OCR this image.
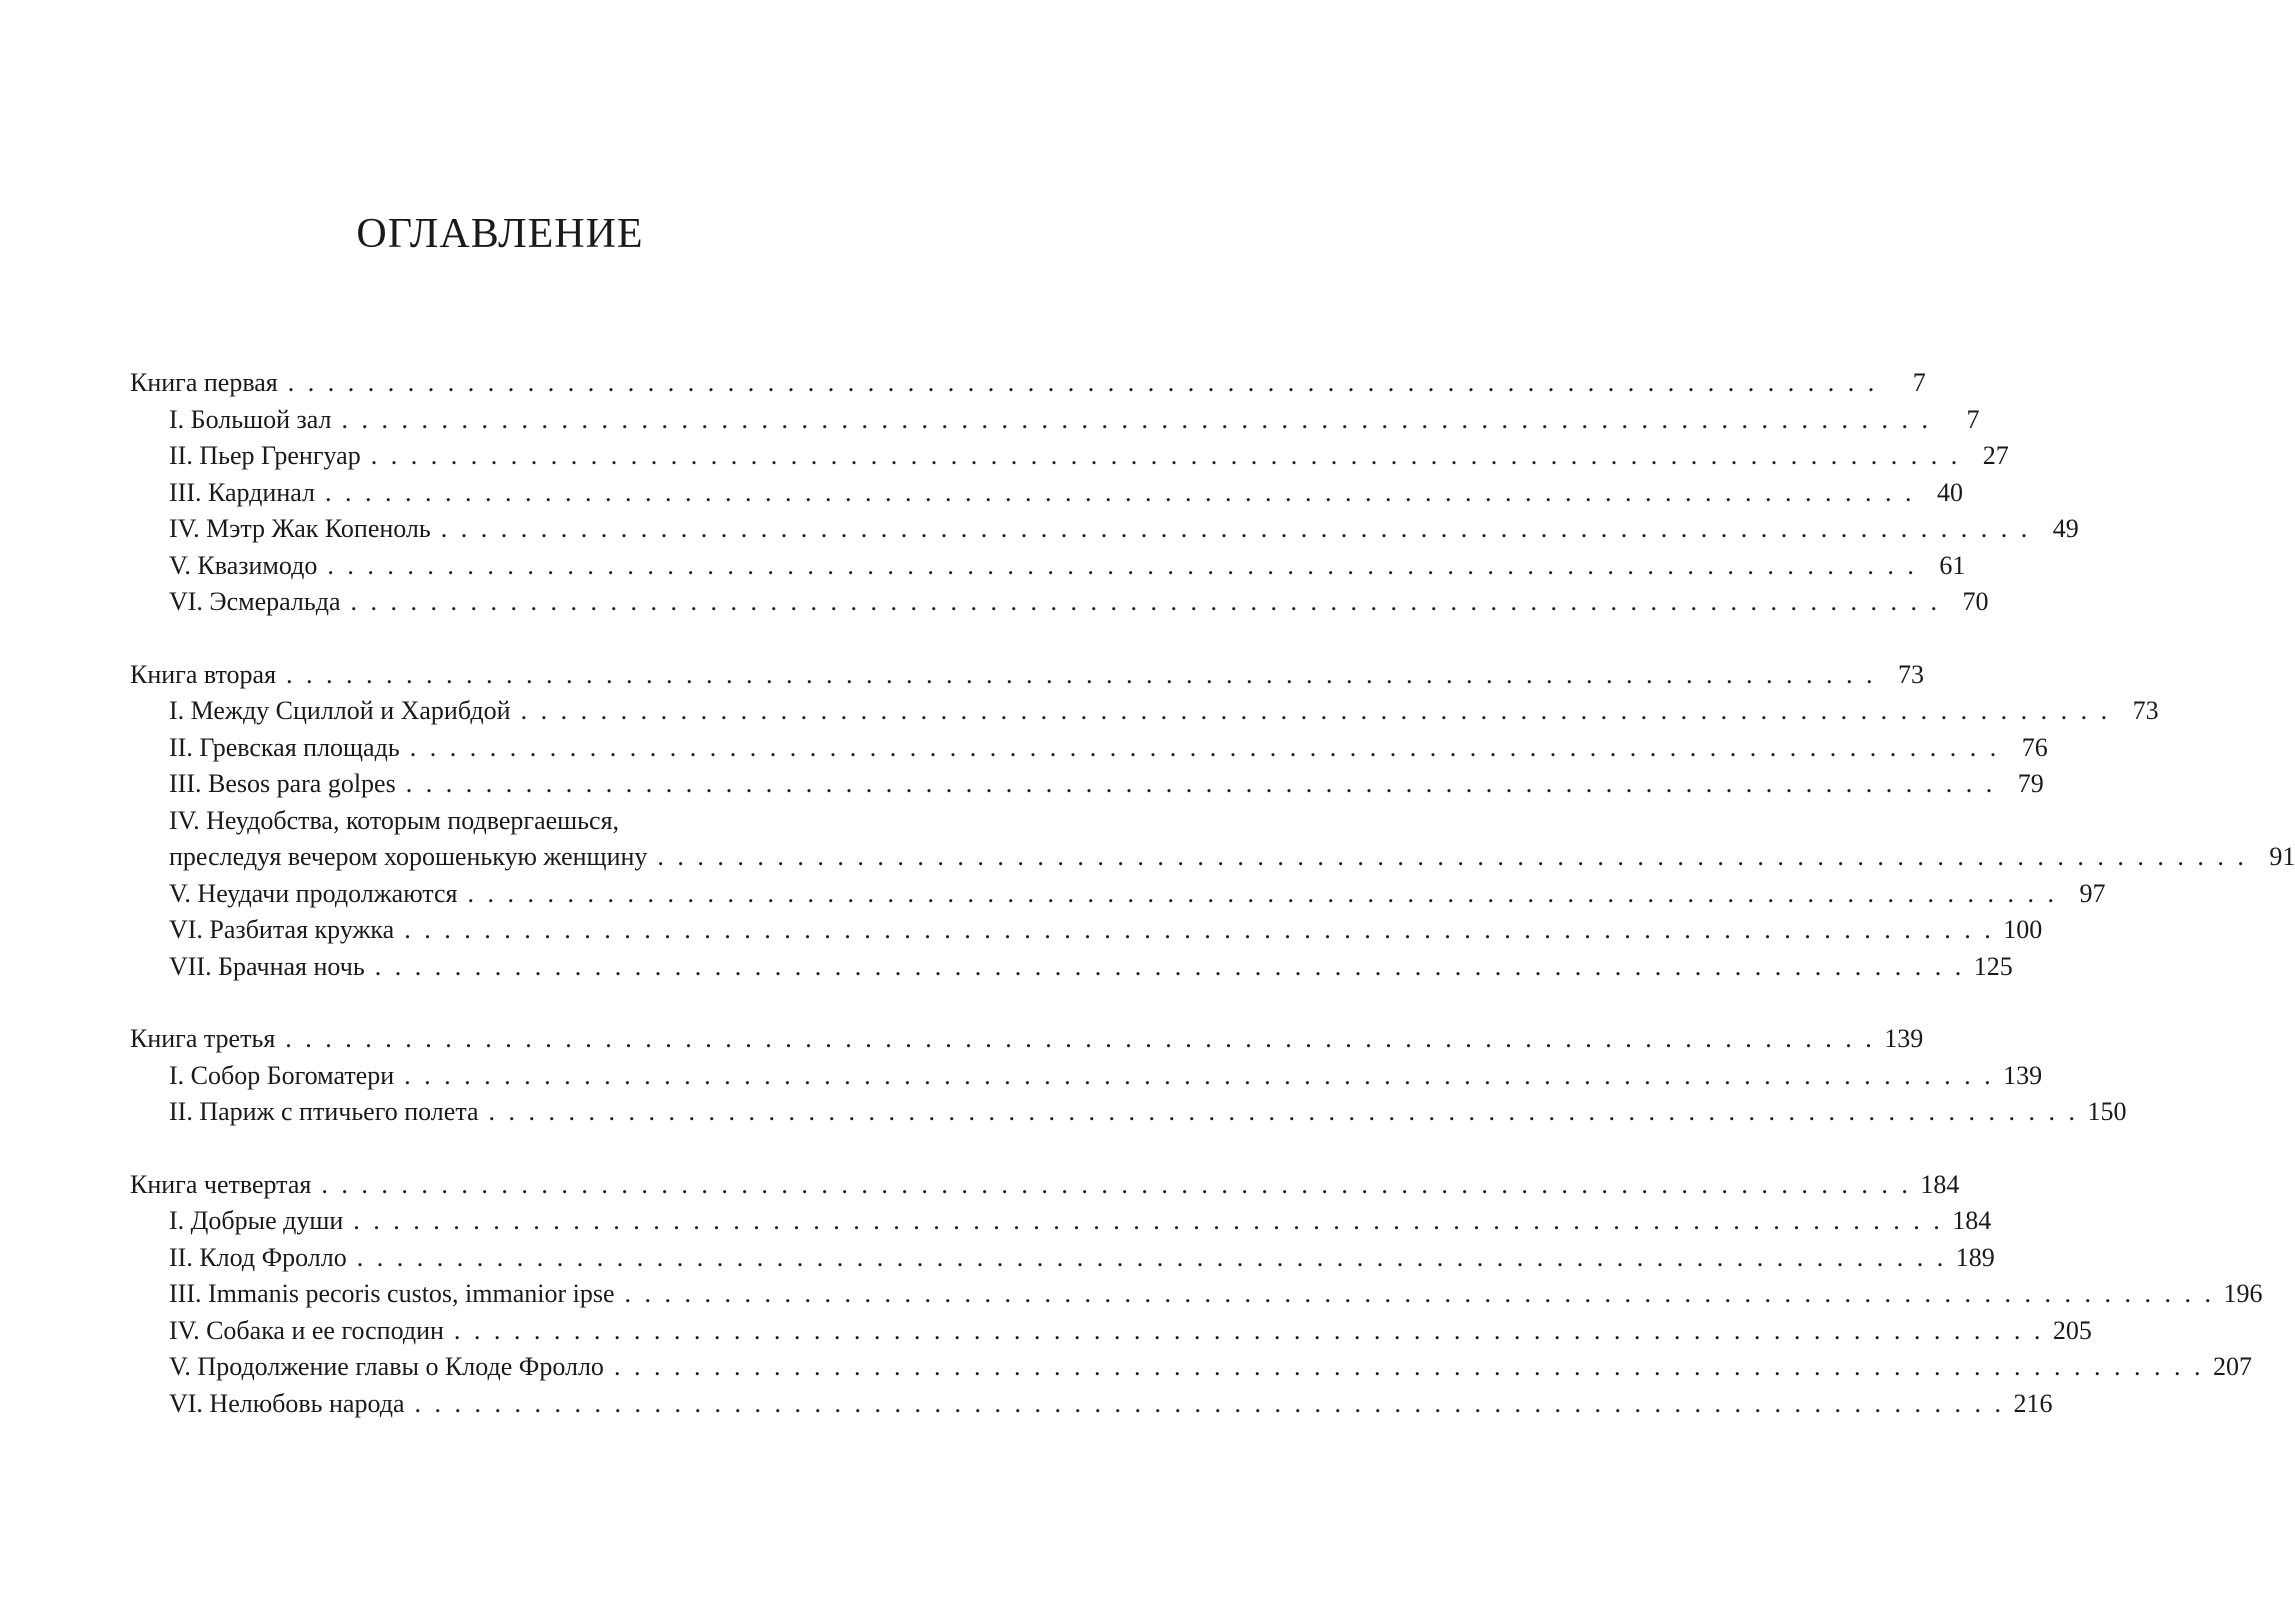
ОГЛАВЛЕНИЕ
Книга первая . . . . . . . . . . . . . . . . . . . . . . . . . . . . . . . . . . . . . . . . . . . . . . . . . . . . . . . . . . . . . . . . . . . . . . . . . . . . . . . .	7
I. Большой зал . . . . . . . . . . . . . . . . . . . . . . . . . . . . . . . . . . . . . . . . . . . . . . . . . . . . . . . . . . . . . . . . . . . . . . . . . . . . . . . .	7
II. Пьер Гренгуар . . . . . . . . . . . . . . . . . . . . . . . . . . . . . . . . . . . . . . . . . . . . . . . . . . . . . . . . . . . . . . . . . . . . . . . . . . . . . . . . 27
III. Кардинал . . . . . . . . . . . . . . . . . . . . . . . . . . . . . . . . . . . . . . . . . . . . . . . . . . . . . . . . . . . . . . . . . . . . . . . . . . . . . . . . 40
IV. Мэтр Жак Копеноль . . . . . . . . . . . . . . . . . . . . . . . . . . . . . . . . . . . . . . . . . . . . . . . . . . . . . . . . . . . . . . . . . . . . . . . . . . . . . . . . 49
V. Квазимодо . . . . . . . . . . . . . . . . . . . . . . . . . . . . . . . . . . . . . . . . . . . . . . . . . . . . . . . . . . . . . . . . . . . . . . . . . . . . . . . . 61
VI. Эсмеральда . . . . . . . . . . . . . . . . . . . . . . . . . . . . . . . . . . . . . . . . . . . . . . . . . . . . . . . . . . . . . . . . . . . . . . . . . . . . . . . . 70
Книга вторая . . . . . . . . . . . . . . . . . . . . . . . . . . . . . . . . . . . . . . . . . . . . . . . . . . . . . . . . . . . . . . . . . . . . . . . . . . . . . . . . 73
I. Между Сциллой и Харибдой . . . . . . . . . . . . . . . . . . . . . . . . . . . . . . . . . . . . . . . . . . . . . . . . . . . . . . . . . . . . . . . . . . . . . . . . . . . . . . . . 73
II. Гревская площадь . . . . . . . . . . . . . . . . . . . . . . . . . . . . . . . . . . . . . . . . . . . . . . . . . . . . . . . . . . . . . . . . . . . . . . . . . . . . . . . . 76
III. Besos para golpes . . . . . . . . . . . . . . . . . . . . . . . . . . . . . . . . . . . . . . . . . . . . . . . . . . . . . . . . . . . . . . . . . . . . . . . . . . . . . . . . 79
IV. Неудобства, которым подвергаешься,
преследуя вечером хорошенькую женщину . . . . . . . . . . . . . . . . . . . . . . . . . . . . . . . . . . . . . . . . . . . . . . . . . . . . . . . . . . . . . . . . . . . . . . . . . . . . . . . . 91
V. Неудачи продолжаются . . . . . . . . . . . . . . . . . . . . . . . . . . . . . . . . . . . . . . . . . . . . . . . . . . . . . . . . . . . . . . . . . . . . . . . . . . . . . . . . 97
VI. Разбитая кружка . . . . . . . . . . . . . . . . . . . . . . . . . . . . . . . . . . . . . . . . . . . . . . . . . . . . . . . . . . . . . . . . . . . . . . . . . . . . . . . . 100
VII. Брачная ночь . . . . . . . . . . . . . . . . . . . . . . . . . . . . . . . . . . . . . . . . . . . . . . . . . . . . . . . . . . . . . . . . . . . . . . . . . . . . . . . . 125
Книга третья . . . . . . . . . . . . . . . . . . . . . . . . . . . . . . . . . . . . . . . . . . . . . . . . . . . . . . . . . . . . . . . . . . . . . . . . . . . . . . . . 139
I. Собор Богоматери . . . . . . . . . . . . . . . . . . . . . . . . . . . . . . . . . . . . . . . . . . . . . . . . . . . . . . . . . . . . . . . . . . . . . . . . . . . . . . . . 139
II. Париж с птичьего полета . . . . . . . . . . . . . . . . . . . . . . . . . . . . . . . . . . . . . . . . . . . . . . . . . . . . . . . . . . . . . . . . . . . . . . . . . . . . . . . . 150
Книга четвертая . . . . . . . . . . . . . . . . . . . . . . . . . . . . . . . . . . . . . . . . . . . . . . . . . . . . . . . . . . . . . . . . . . . . . . . . . . . . . . . . 184
I. Добрые души . . . . . . . . . . . . . . . . . . . . . . . . . . . . . . . . . . . . . . . . . . . . . . . . . . . . . . . . . . . . . . . . . . . . . . . . . . . . . . . . 184
II. Клод Фролло . . . . . . . . . . . . . . . . . . . . . . . . . . . . . . . . . . . . . . . . . . . . . . . . . . . . . . . . . . . . . . . . . . . . . . . . . . . . . . . . 189
III. Immanis pecoris custos, immanior ipse . . . . . . . . . . . . . . . . . . . . . . . . . . . . . . . . . . . . . . . . . . . . . . . . . . . . . . . . . . . . . . . . . . . . . . . . . . . . . . . . 196
IV. Собака и ее господин . . . . . . . . . . . . . . . . . . . . . . . . . . . . . . . . . . . . . . . . . . . . . . . . . . . . . . . . . . . . . . . . . . . . . . . . . . . . . . . . 205
V. Продолжение главы о Клоде Фролло . . . . . . . . . . . . . . . . . . . . . . . . . . . . . . . . . . . . . . . . . . . . . . . . . . . . . . . . . . . . . . . . . . . . . . . . . . . . . . . . 207
VI. Нелюбовь народа . . . . . . . . . . . . . . . . . . . . . . . . . . . . . . . . . . . . . . . . . . . . . . . . . . . . . . . . . . . . . . . . . . . . . . . . . . . . . . . . 216
